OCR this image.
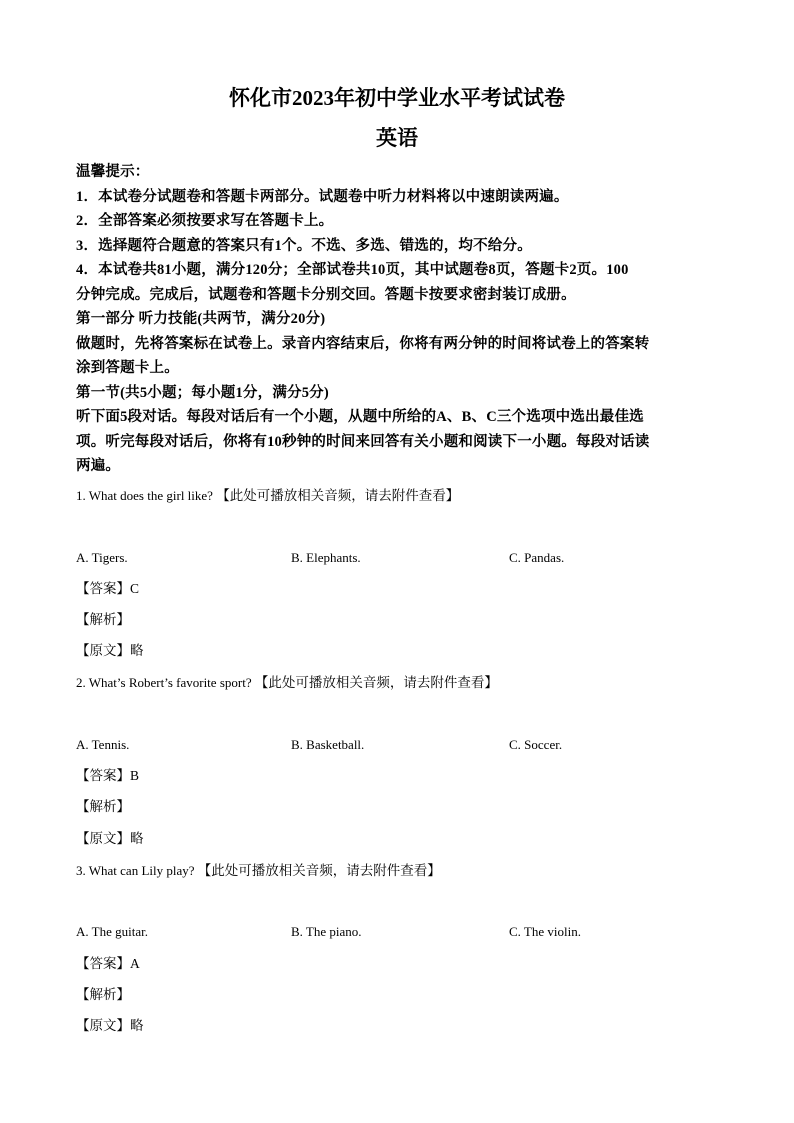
怀化市2023年初中学业水平考试试卷
英语

温馨提示：

1．本试卷分试题卷和答题卡两部分。试题卷中听力材料将以中速朗读两遍。

2．全部答案必须按要求写在答题卡上。

3．选择题符合题意的答案只有1个。不选、多选、错选的，均不给分。

4．本试卷共81小题，满分120分；全部试卷共10页，其中试题卷8页，答题卡2页。100

分钟完成。完成后，试题卷和答题卡分别交回。答题卡按要求密封装订成册。

第一部分 听力技能(共两节，满分20分)

做题时，先将答案标在试卷上。录音内容结束后，你将有两分钟的时间将试卷上的答案转

涂到答题卡上。

第一节(共5小题；每小题1分，满分5分)

听下面5段对话。每段对话后有一个小题，从题中所给的A、B、C三个选项中选出最佳选

项。听完每段对话后，你将有10秒钟的时间来回答有关小题和阅读下一小题。每段对话读

两遍。

1. What does the girl like? 【此处可播放相关音频，请去附件查看】
A. Tigers.	B. Elephants.	C. Pandas.
【答案】C
【解析】
【原文】略
2. What’s Robert’s favorite sport? 【此处可播放相关音频，请去附件查看】
A. Tennis.	B. Basketball.	C. Soccer.
【答案】B
【解析】
【原文】略
3. What can Lily play? 【此处可播放相关音频，请去附件查看】
A. The guitar.	B. The piano.	C. The violin.
【答案】A
【解析】
【原文】略
